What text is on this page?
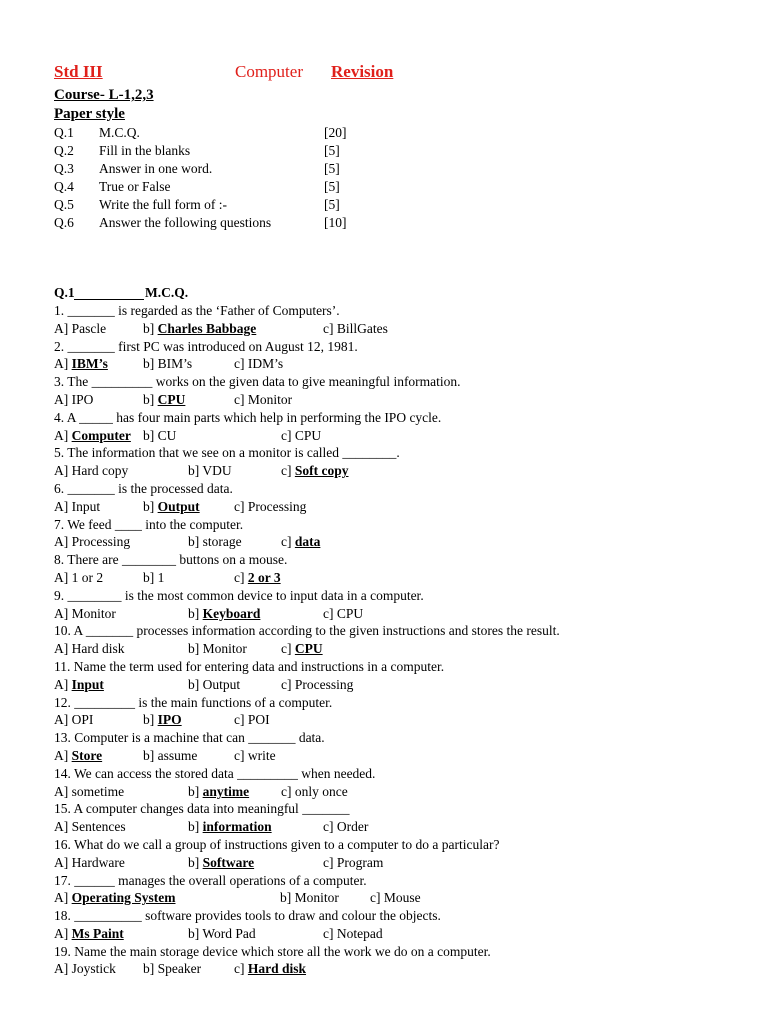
Std III	Computer Revision
Course- L-1,2,3
Paper style
Q.1 M.C.Q.	[20]
Q.2 Fill in the blanks	[5]
Q.3 Answer in one word.	[5]
Q.4 True or False	[5]
Q.5 Write the full form of :-	[5]
Q.6 Answer the following questions	[10]
Q.1	M.C.Q.
1. _______ is regarded as the ‘Father of Computers’.
A] Pascle	b] Charles Babbage	c] BillGates
2. _______ first PC was introduced on August 12, 1981.
A] IBM’s	b] BIM’s	c] IDM’s
3. The _________ works on the given data to give meaningful information.
A] IPO	b] CPU	c] Monitor
4. A _____ has four main parts which help in performing the IPO cycle.
A] Computer b] CU	c] CPU
5. The information that we see on a monitor is called ________.
A] Hard copy	b] VDU	c] Soft copy
6. _______ is the processed data.
A] Input	b] Output	c] Processing
7. We feed ____ into the computer.
A] Processing	b] storage	c] data
8. There are ________ buttons on a mouse.
A] 1 or 2	b] 1	c] 2 or 3
9. ________ is the most common device to input data in a computer.
A] Monitor	b] Keyboard	c] CPU
10. A _______ processes information according to the given instructions and stores the result.
A] Hard disk	b] Monitor	c] CPU
11. Name the term used for entering data and instructions in a computer.
A] Input	b] Output	c] Processing
12. _________ is the main functions of a computer.
A] OPI	b] IPO	c] POI
13. Computer is a machine that can _______ data.
A] Store	b] assume	c] write
14. We can access the stored data _________ when needed.
A] sometime	b] anytime c] only once
15. A computer changes data into meaningful _______
A] Sentences	b] information	c] Order
16. What do we call a group of instructions given to a computer to do a particular?
A] Hardware	b] Software	c] Program
17. ______ manages the overall operations of a computer.
A] Operating System	b] Monitor c] Mouse
18. __________ software provides tools to draw and colour the objects.
A] Ms Paint	b] Word Pad	c] Notepad
19. Name the main storage device which store all the work we do on a computer.
A] Joystick b] Speaker c] Hard disk
